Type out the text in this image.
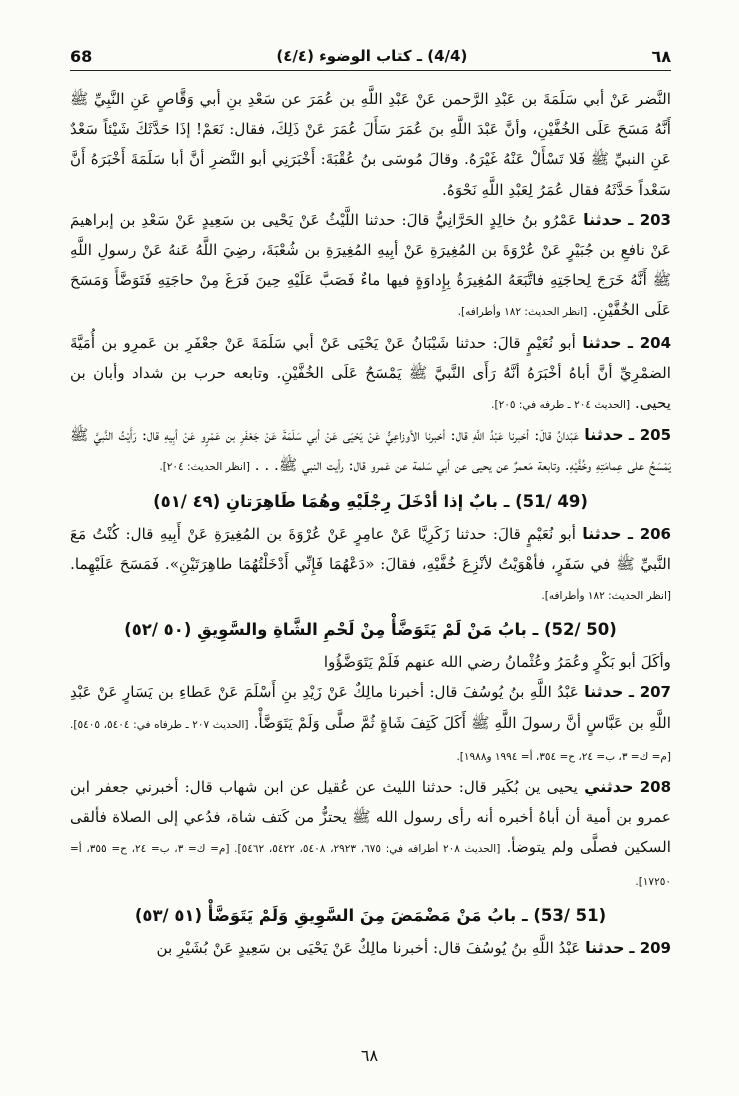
68	(4/4) ـ كتاب الوضوء (٤/٤)	٦٨

النَّضر عَنْ أبي سَلَمَةَ بن عَبْدِ الرَّحمن عَنْ عَبْدِ اللَّهِ بن عُمَرَ عن سَعْدِ بنِ أبي وَقَّاصٍ عَنِ النَّبِيِّ ﷺ أَنَّهُ مَسَحَ عَلَى الخُفَّيْنِ، وأنَّ عَبْدَ اللَّهِ بنَ عُمَرَ سَأَلَ عُمَرَ عَنْ ذَلِكَ، فقال: نَعَمْ! إذَا حَدَّثَكَ شَيْئاً سَعْدٌ عَنِ النبيِّ ﷺ فَلا تَسْأَلْ عَنْهُ غَيْرَهُ. وقالَ مُوسَى بنُ عُقْبَةَ: أَخْبَرَنِي أبو النَّضرِ أنَّ أبا سَلَمَةَ أَخْبَرَهُ أَنَّ سَعْداً حَدَّثَهُ فقال عُمَرُ لِعَبْدِ اللَّهِ نَحْوَهُ.

203 ـ حدثنا عَمْرُو بنُ خالِدٍ الحَرَّانِيُّ قالَ: حدثنا اللَّيْثُ عَنْ يَحْيى بن سَعِيدٍ عَنْ سَعْدِ بن إبراهيمَ عَنْ نافعِ بن جُبَيْرٍ عَنْ عُرْوَةَ بن المُغِيرَةِ عَنْ أبِيهِ المُغِيرَةِ بن شُعْبَةَ، رضِيَ اللَّهُ عَنهُ عَنْ رسولِ اللَّهِ ﷺ أَنَّهُ خَرَجَ لِحاجَتِهِ فاتَّبَعَهُ المُغِيرَةُ بِإِداوَةٍ فيها ماءٌ فَصَبَّ عَلَيْهِ حِينَ فَرَغَ مِنْ حاجَتِهِ فَتَوَضَّأَ وَمَسَحَ عَلَى الخُفَّيْنِ. [انظر الحديث: ١٨٢ وأطرافه].

204 ـ حدثنا أبو نُعَيْمٍ قالَ: حدثنا شَيْبَانُ عَنْ يَحْيَى عَنْ أبي سَلَمَةَ عَنْ جعْفَرِ بن عَمرِو بن أُمَيَّةَ الضمْرِيِّ أنَّ أباهُ أخْبَرَهُ أنَّهُ رَأَى النَّبيَّ ﷺ يَمْسَحُ عَلَى الخُفَّيْنِ. وتابعه حرب بن شداد وأبان بن يحيى. [الحديث ٢٠٤ ـ طرفه في: ٢٠٥].

205 ـ حدثنا عَبْدانُ قالَ: أخبرنا عَبْدُ اللَّهِ قال: أخبرنا الأوزاعِيُّ عَنْ يَحْيَى عَنْ أبي سَلَمَةَ عَنْ جَعْفَرِ بن عَمْرٍو عَنْ أبِيهِ قال: رَأَيْتُ النَّبيَّ ﷺ يَمْسَحُ على عِمامَتِهِ وخُفَّيْهِ. وتابعة مَعمرٌ عن يحيى عن أبي سَلمة عن عَمرو قال: رأيت النبي ﷺ. . . [انظر الحديث: ٢٠٤].

(49 /51) ـ بابٌ إذا أدْخَلَ رِجْلَيْهِ وهُمَا طَاهِرَتانِ (٤٩ /٥١)

206 ـ حدثنا أبو نُعَيْمٍ قالَ: حدثنا زَكَرِيَّا عَنْ عامِرٍ عَنْ عُرْوَةَ بن المُغِيرَةِ عَنْ أَبِيهِ قال: كُنْتُ مَعَ النَّبيِّ ﷺ في سَفَرٍ، فأهْوَيْتُ لأنْزِعَ خُفَّيْهِ، فقالَ: «دَعْهُمَا فَإِنِّي أَدْخَلْتُهُمَا طاهِرَتَيْنِ». فَمَسَحَ عَلَيْهِما. [انظر الحديث: ١٨٢ وأطرافه].

(50 /52) ـ بابُ مَنْ لَمْ يَتَوَضَّأْ مِنْ لَحْمِ الشَّاةِ والسَّوِيقِ (٥٠ /٥٢)

وأكَلَ أبو بَكْرٍ وعُمَرُ وعُثْمانُ رضي الله عنهم فَلَمْ يَتَوَضَّؤُوا

207 ـ حدثنا عَبْدُ اللَّهِ بنُ يُوسُفَ قال: أخبرنا مالِكٌ عَنْ زَيْدِ بنِ أَسْلَمَ عَنْ عَطاءِ بن يَسَارٍ عَنْ عَبْدِ اللَّهِ بن عَبَّاسٍ أنَّ رسولَ اللَّهِ ﷺ أَكَلَ كَتِفَ شَاةٍ ثُمَّ صلَّى وَلَمْ يَتَوَضَّأْ. [الحديث ٢٠٧ ـ طرفاه في: ٥٤٠٤، ٥٤٠٥]. [م= ك= ٣، ب= ٢٤، ح= ٣٥٤، أ= ١٩٩٤ و١٩٨٨].

208 حدثني يحيى ين بُكَير قال: حدثنا الليث عن عُقيل عن ابن شهاب قال: أخبرني جعفر ابن عمرو بن أمية أن أباهُ أخبره أنه رأى رسول الله ﷺ يحتزُّ من كَتف شاة، فدُعي إلى الصلاة فألقى السكين فصلَّى ولم يتوضأ. [الحديث ٢٠٨ أطرافه في: ٦٧٥، ٢٩٢٣، ٥٤٠٨، ٥٤٢٢، ٥٤٦٢]. [م= ك= ٣، ب= ٢٤، ح= ٣٥٥، أ= ١٧٢٥٠].

(51 /53) ـ بابُ مَنْ مَضْمَضَ مِنَ السَّوِيقِ وَلَمْ يَتَوَضَّأْ (٥١ /٥٣)

209 ـ حدثنا عَبْدُ اللَّهِ بنُ يُوسُفَ قال: أخبرنا مالِكٌ عَنْ يَحْيَى بن سَعِيدٍ عَنْ بُشَيْرِ بن

٦٨
